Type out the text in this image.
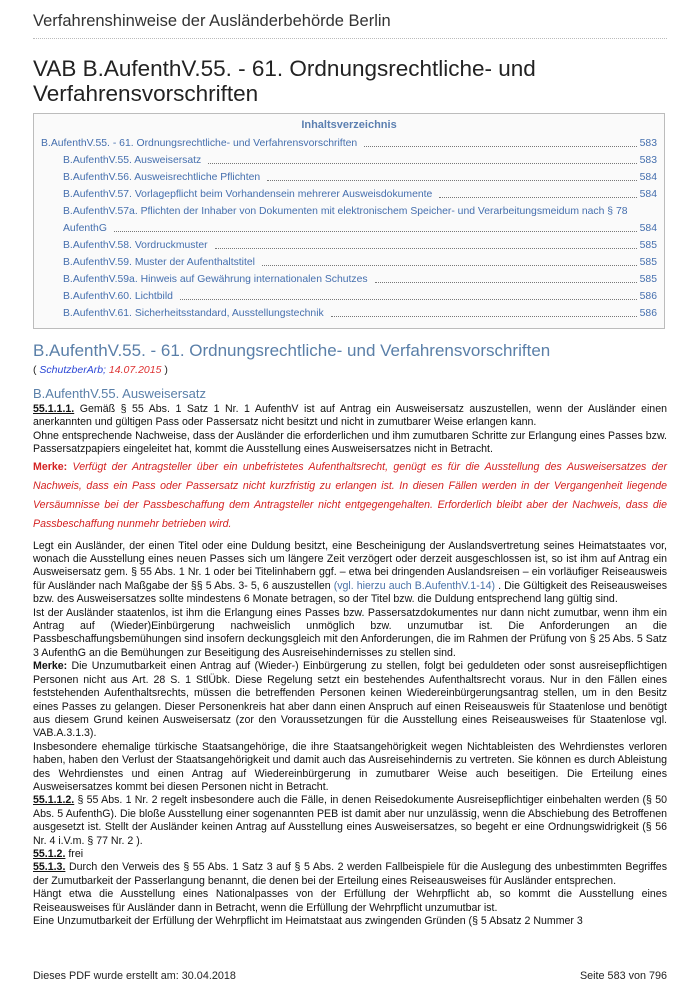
Verfahrenshinweise der Ausländerbehörde Berlin
VAB B.AufenthV.55. - 61. Ordnungsrechtliche- und Verfahrensvorschriften
Inhaltsverzeichnis
B.AufenthV.55. - 61. Ordnungsrechtliche- und Verfahrensvorschriften	583
B.AufenthV.55. Ausweisersatz	583
B.AufenthV.56. Ausweisrechtliche Pflichten	584
B.AufenthV.57. Vorlagepflicht beim Vorhandensein mehrerer Ausweisdokumente	584
B.AufenthV.57a. Pflichten der Inhaber von Dokumenten mit elektronischem Speicher- und Verarbeitungsmeidum nach § 78
AufenthG	584
B.AufenthV.58. Vordruckmuster	585
B.AufenthV.59. Muster der Aufenthaltstitel	585
B.AufenthV.59a. Hinweis auf Gewährung internationalen Schutzes	585
B.AufenthV.60. Lichtbild	586
B.AufenthV.61. Sicherheitsstandard, Ausstellungstechnik	586
B.AufenthV.55. - 61. Ordnungsrechtliche- und Verfahrensvorschriften
( SchutzberArb; 14.07.2015 )
B.AufenthV.55. Ausweisersatz

55.1.1.1. Gemäß § 55 Abs. 1 Satz 1 Nr. 1 AufenthV ist auf Antrag ein Ausweisersatz auszustellen, wenn der Ausländer einen anerkannten und gültigen Pass oder Passersatz nicht besitzt und nicht in zumutbarer Weise erlangen kann.

Ohne entsprechende Nachweise, dass der Ausländer die erforderlichen und ihm zumutbaren Schritte zur Erlangung eines Passes bzw. Passersatzpapiers eingeleitet hat, kommt die Ausstellung eines Ausweisersatzes nicht in Betracht.

Merke: Verfügt der Antragsteller über ein unbefristetes Aufenthaltsrecht, genügt es für die Ausstellung des Ausweisersatzes der Nachweis, dass ein Pass oder Passersatz nicht kurzfristig zu erlangen ist. In diesen Fällen werden in der Vergangenheit liegende Versäumnisse bei der Passbeschaffung dem Antragsteller nicht entgegengehalten. Erforderlich bleibt aber der Nachweis, dass die Passbeschaffung nunmehr betrieben wird.

Legt ein Ausländer, der einen Titel oder eine Duldung besitzt, eine Bescheinigung der Auslandsvertretung seines Heimatstaates vor, wonach die Ausstellung eines neuen Passes sich um längere Zeit verzögert oder derzeit ausgeschlossen ist, so ist ihm auf Antrag ein Ausweisersatz gem. § 55 Abs. 1 Nr. 1 oder bei Titelinhabern ggf. – etwa bei dringenden Auslandsreisen – ein vorläufiger Reiseausweis für Ausländer nach Maßgabe der §§ 5 Abs. 3- 5, 6 auszustellen (vgl. hierzu auch B.AufenthV.1-14) . Die Gültigkeit des Reiseausweises bzw. des Ausweisersatzes sollte mindestens 6 Monate betragen, so der Titel bzw. die Duldung entsprechend lang gültig sind.

Ist der Ausländer staatenlos, ist ihm die Erlangung eines Passes bzw. Passersatzdokumentes nur dann nicht zumutbar, wenn ihm ein Antrag auf (Wieder)Einbürgerung nachweislich unmöglich bzw. unzumutbar ist. Die Anforderungen an die Passbeschaffungsbemühungen sind insofern deckungsgleich mit den Anforderungen, die im Rahmen der Prüfung von § 25 Abs. 5 Satz 3 AufenthG an die Bemühungen zur Beseitigung des Ausreisehindernisses zu stellen sind.

Merke: Die Unzumutbarkeit einen Antrag auf (Wieder-) Einbürgerung zu stellen, folgt bei geduldeten oder sonst ausreisepflichtigen Personen nicht aus Art. 28 S. 1 StlÜbk. Diese Regelung setzt ein bestehendes Aufenthaltsrecht voraus. Nur in den Fällen eines feststehenden Aufenthaltsrechts, müssen die betreffenden Personen keinen Wiedereinbürgerungsantrag stellen, um in den Besitz eines Passes zu gelangen. Dieser Personenkreis hat aber dann einen Anspruch auf einen Reiseausweis für Staatenlose und benötigt aus diesem Grund keinen Ausweisersatz (zor den Voraussetzungen für die Ausstellung eines Reiseausweises für Staatenlose vgl. VAB.A.3.1.3).

Insbesondere ehemalige türkische Staatsangehörige, die ihre Staatsangehörigkeit wegen Nichtableisten des Wehrdienstes verloren haben, haben den Verlust der Staatsangehörigkeit und damit auch das Ausreisehindernis zu vertreten. Sie können es durch Ableistung des Wehrdienstes und einen Antrag auf Wiedereinbürgerung in zumutbarer Weise auch beseitigen. Die Erteilung eines Ausweisersatzes kommt bei diesen Personen nicht in Betracht.

55.1.1.2. § 55 Abs. 1 Nr. 2 regelt insbesondere auch die Fälle, in denen Reisedokumente Ausreisepflichtiger einbehalten werden (§ 50 Abs. 5 AufenthG). Die bloße Ausstellung einer sogenannten PEB ist damit aber nur unzulässig, wenn die Abschiebung des Betroffenen ausgesetzt ist. Stellt der Ausländer keinen Antrag auf Ausstellung eines Ausweisersatzes, so begeht er eine Ordnungswidrigkeit (§ 56 Nr. 4 i.V.m. § 77 Nr. 2 ).

55.1.2. frei

55.1.3. Durch den Verweis des § 55 Abs. 1 Satz 3 auf § 5 Abs. 2 werden Fallbeispiele für die Auslegung des unbestimmten Begriffes der Zumutbarkeit der Passerlangung benannt, die denen bei der Erteilung eines Reiseausweises für Ausländer entsprechen.

Hängt etwa die Ausstellung eines Nationalpasses von der Erfüllung der Wehrpflicht ab, so kommt die Ausstellung eines Reiseausweises für Ausländer dann in Betracht, wenn die Erfüllung der Wehrpflicht unzumutbar ist.

Eine Unzumutbarkeit der Erfüllung der Wehrpflicht im Heimatstaat aus zwingenden Gründen (§ 5 Absatz 2 Nummer 3

Dieses PDF wurde erstellt am: 30.04.2018	Seite 583 von 796
